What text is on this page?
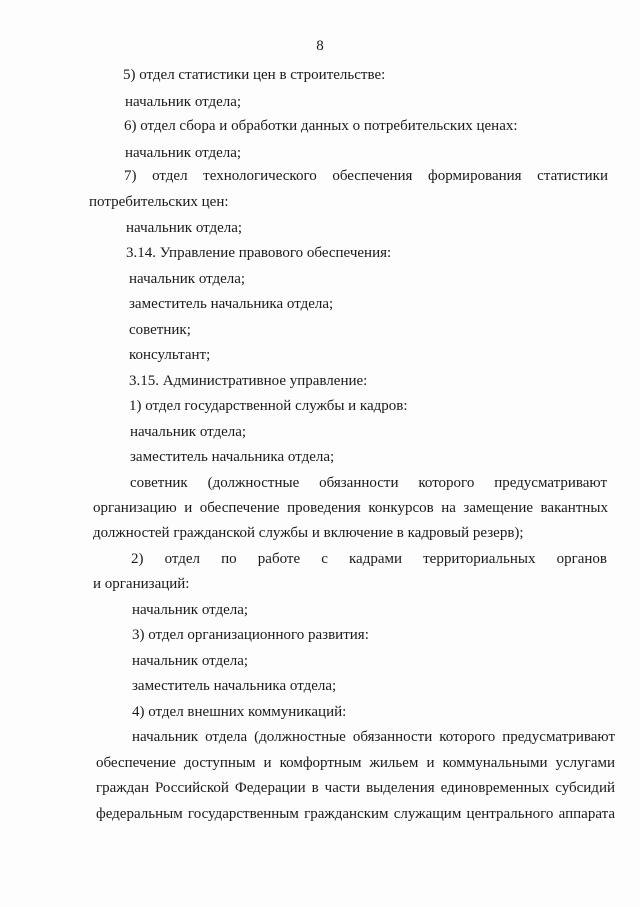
8
5) отдел статистики цен в строительстве:
начальник отдела;
6) отдел сбора и обработки данных о потребительских ценах:
начальник отдела;
7) отдел технологического обеспечения формирования статистики
потребительских цен:
начальник отдела;
3.14. Управление правового обеспечения:
начальник отдела;
заместитель начальника отдела;
советник;
консультант;
3.15. Административное управление:
1) отдел государственной службы и кадров:
начальник отдела;
заместитель начальника отдела;
советник (должностные обязанности которого предусматривают
организацию и обеспечение проведения конкурсов на замещение вакантных
должностей гражданской службы и включение в кадровый резерв);
2) отдел по работе с кадрами территориальных органов
и организаций:
начальник отдела;
3) отдел организационного развития:
начальник отдела;
заместитель начальника отдела;
4) отдел внешних коммуникаций:
начальник отдела (должностные обязанности которого предусматривают
обеспечение доступным и комфортным жильем и коммунальными услугами
граждан Российской Федерации в части выделения единовременных субсидий
федеральным государственным гражданским служащим центрального аппарата
